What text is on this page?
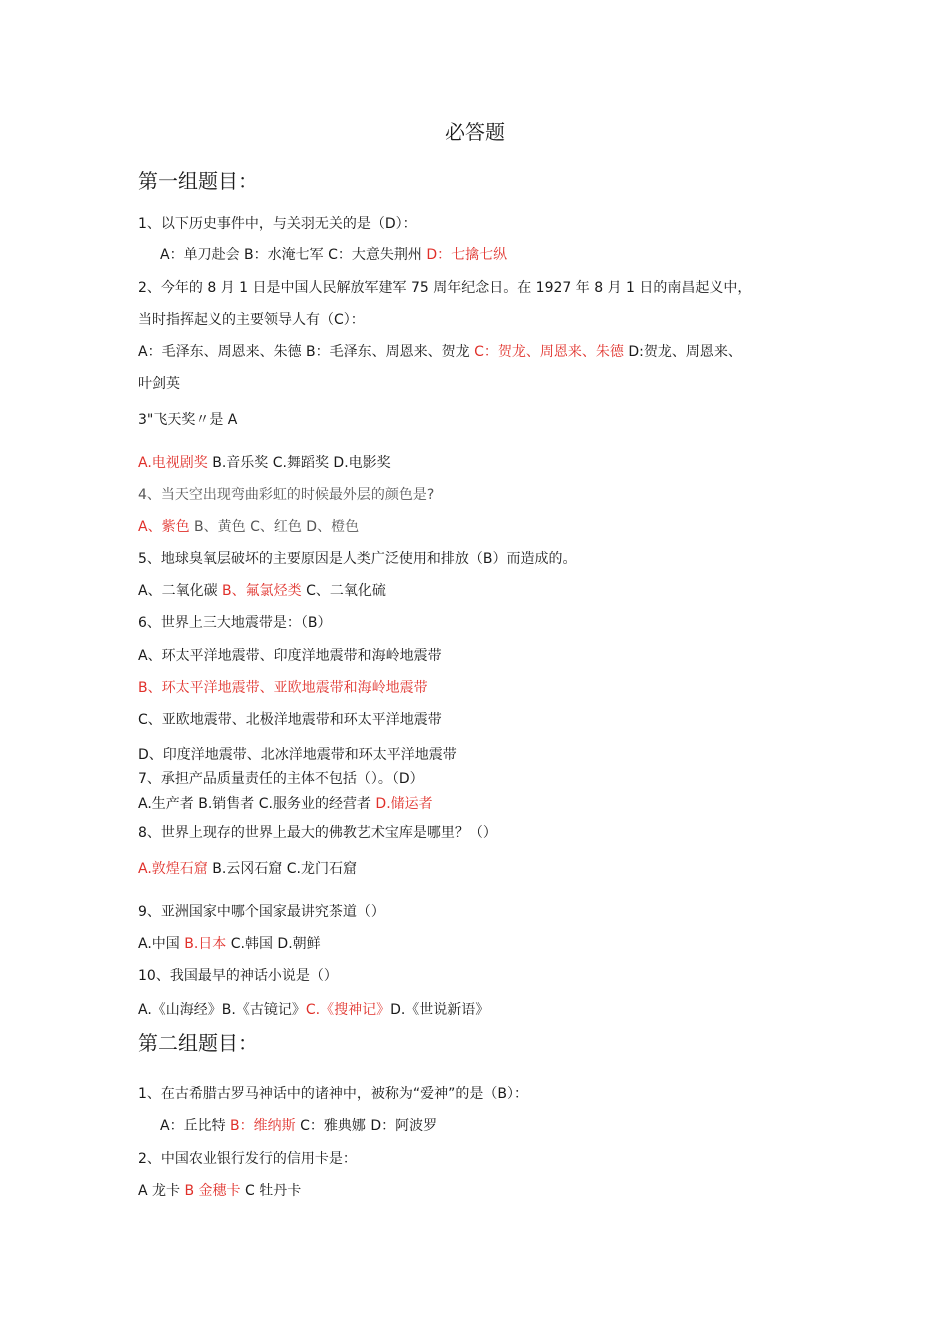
必答题
第一组题目：
1、以下历史事件中，与关羽无关的是（D）：
A：单刀赴会 B：水淹七军 C：大意失荆州 D：七擒七纵
2、今年的 8 月 1 日是中国人民解放军建军 75 周年纪念日。在 1927 年 8 月 1 日的南昌起义中，
当时指挥起义的主要领导人有（C）：
A：毛泽东、周恩来、朱德 B：毛泽东、周恩来、贺龙 C：贺龙、周恩来、朱德 D:贺龙、周恩来、
叶剑英
3"飞天奖〃是 A
A.电视剧奖 B.音乐奖 C.舞蹈奖 D.电影奖
4、当天空出现弯曲彩虹的时候最外层的颜色是?
A、紫色 B、黄色 C、红色 D、橙色
5、地球臭氧层破坏的主要原因是人类广泛使用和排放（B）而造成的。
A、二氧化碳 B、氟氯烃类 C、二氧化硫
6、世界上三大地震带是：（B）
A、环太平洋地震带、印度洋地震带和海岭地震带
B、环太平洋地震带、亚欧地震带和海岭地震带
C、亚欧地震带、北极洋地震带和环太平洋地震带
D、印度洋地震带、北冰洋地震带和环太平洋地震带
7、承担产品质量责任的主体不包括（）。（D）
A.生产者 B.销售者 C.服务业的经营者 D.储运者
8、世界上现存的世界上最大的佛教艺术宝库是哪里？（）
A.敦煌石窟 B.云冈石窟 C.龙门石窟
9、亚洲国家中哪个国家最讲究茶道（）
A.中国 B.日本 C.韩国 D.朝鲜
10、我国最早的神话小说是（）
A.《山海经》B.《古镜记》C.《搜神记》D.《世说新语》
第二组题目：
1、在古希腊古罗马神话中的诸神中，被称为“爱神”的是（B）：
A：丘比特 B：维纳斯 C：雅典娜 D：阿波罗
2、中国农业银行发行的信用卡是：
A 龙卡 B 金穗卡 C 牡丹卡
